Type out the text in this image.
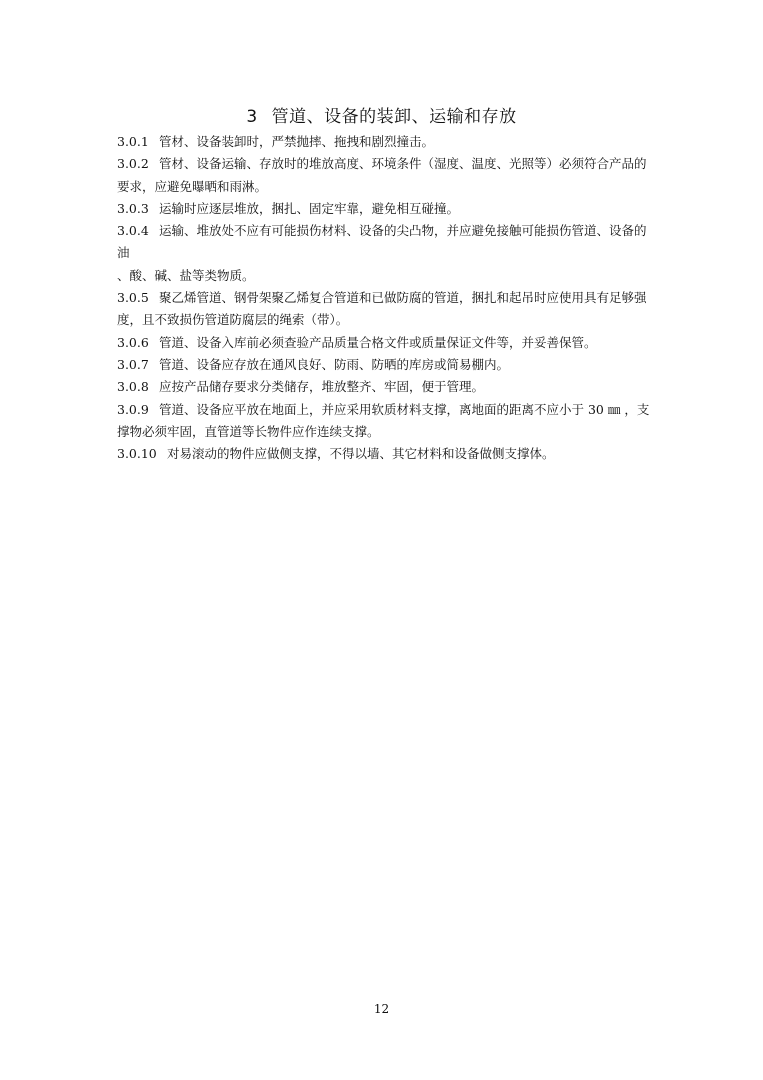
3 管道、设备的装卸、运输和存放

3.0.1 管材、设备装卸时，严禁抛摔、拖拽和剧烈撞击。

3.0.2 管材、设备运输、存放时的堆放高度、环境条件（湿度、温度、光照等）必须符合产品的要求，应避免曝晒和雨淋。

3.0.3 运输时应逐层堆放，捆扎、固定牢靠，避免相互碰撞。

3.0.4 运输、堆放处不应有可能损伤材料、设备的尖凸物，并应避免接触可能损伤管道、设备的油

、酸、碱、盐等类物质。

3.0.5 聚乙烯管道、钢骨架聚乙烯复合管道和已做防腐的管道，捆扎和起吊时应使用具有足够强度，且不致损伤管道防腐层的绳索（带）。

3.0.6 管道、设备入库前必须查验产品质量合格文件或质量保证文件等，并妥善保管。

3.0.7 管道、设备应存放在通风良好、防雨、防晒的库房或简易棚内。

3.0.8 应按产品储存要求分类储存，堆放整齐、牢固，便于管理。

3.0.9 管道、设备应平放在地面上，并应采用软质材料支撑，离地面的距离不应小于 30 ㎜ ，支撑物必须牢固，直管道等长物件应作连续支撑。

3.0.10 对易滚动的物件应做侧支撑，不得以墙、其它材料和设备做侧支撑体。

12
